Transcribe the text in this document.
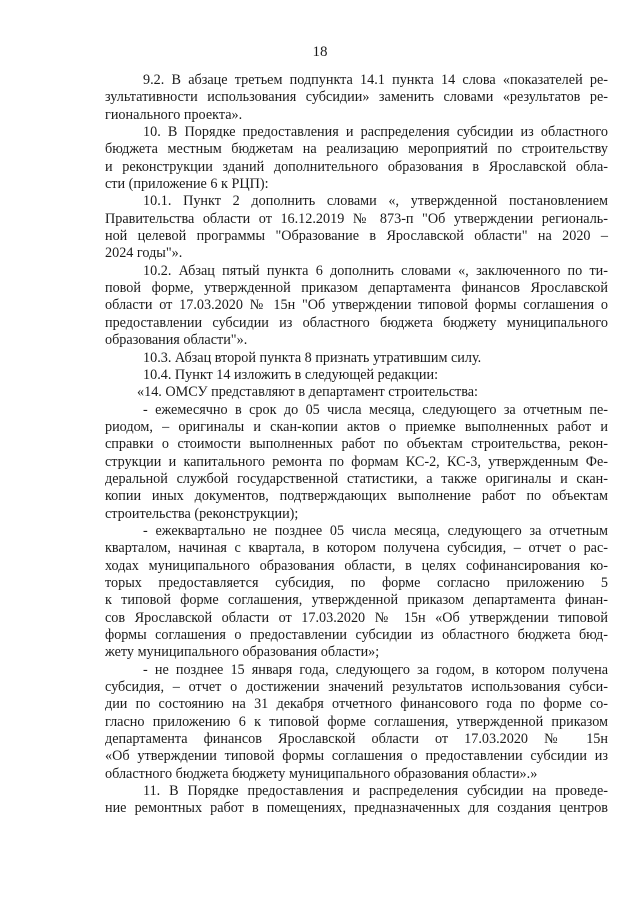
18
9.2. В абзаце третьем подпункта 14.1 пункта 14 слова «показателей ре-
зультативности использования субсидии» заменить словами «результатов ре-
гионального проекта».
10. В Порядке предоставления и распределения субсидии из областного
бюджета местным бюджетам на реализацию мероприятий по строительству
и реконструкции зданий дополнительного образования в Ярославской обла-
сти (приложение 6 к РЦП):
10.1. Пункт 2 дополнить словами «, утвержденной постановлением
Правительства области от 16.12.2019 № 873-п "Об утверждении региональ-
ной целевой программы "Образование в Ярославской области" на 2020 –
2024 годы"».
10.2. Абзац пятый пункта 6 дополнить словами «, заключенного по ти-
повой форме, утвержденной приказом департамента финансов Ярославской
области от 17.03.2020 № 15н "Об утверждении типовой формы соглашения о
предоставлении субсидии из областного бюджета бюджету муниципального
образования области"».
10.3. Абзац второй пункта 8 признать утратившим силу.
10.4. Пункт 14 изложить в следующей редакции:
«14. ОМСУ представляют в департамент строительства:
- ежемесячно в срок до 05 числа месяца, следующего за отчетным пе-
риодом, – оригиналы и скан-копии актов о приемке выполненных работ и
справки о стоимости выполненных работ по объектам строительства, рекон-
струкции и капитального ремонта по формам КС-2, КС-3, утвержденным Фе-
деральной службой государственной статистики, а также оригиналы и скан-
копии иных документов, подтверждающих выполнение работ по объектам
строительства (реконструкции);
- ежеквартально не позднее 05 числа месяца, следующего за отчетным
кварталом, начиная с квартала, в котором получена субсидия, – отчет о рас-
ходах муниципального образования области, в целях софинансирования ко-
торых предоставляется субсидия, по форме согласно приложению 5
к типовой форме соглашения, утвержденной приказом департамента финан-
сов Ярославской области от 17.03.2020 № 15н «Об утверждении типовой
формы соглашения о предоставлении субсидии из областного бюджета бюд-
жету муниципального образования области»;
- не позднее 15 января года, следующего за годом, в котором получена
субсидия, – отчет о достижении значений результатов использования субси-
дии по состоянию на 31 декабря отчетного финансового года по форме со-
гласно приложению 6 к типовой форме соглашения, утвержденной приказом
департамента финансов Ярославской области от 17.03.2020 № 15н
«Об утверждении типовой формы соглашения о предоставлении субсидии из
областного бюджета бюджету муниципального образования области».»
11. В Порядке предоставления и распределения субсидии на проведе-
ние ремонтных работ в помещениях, предназначенных для создания центров
